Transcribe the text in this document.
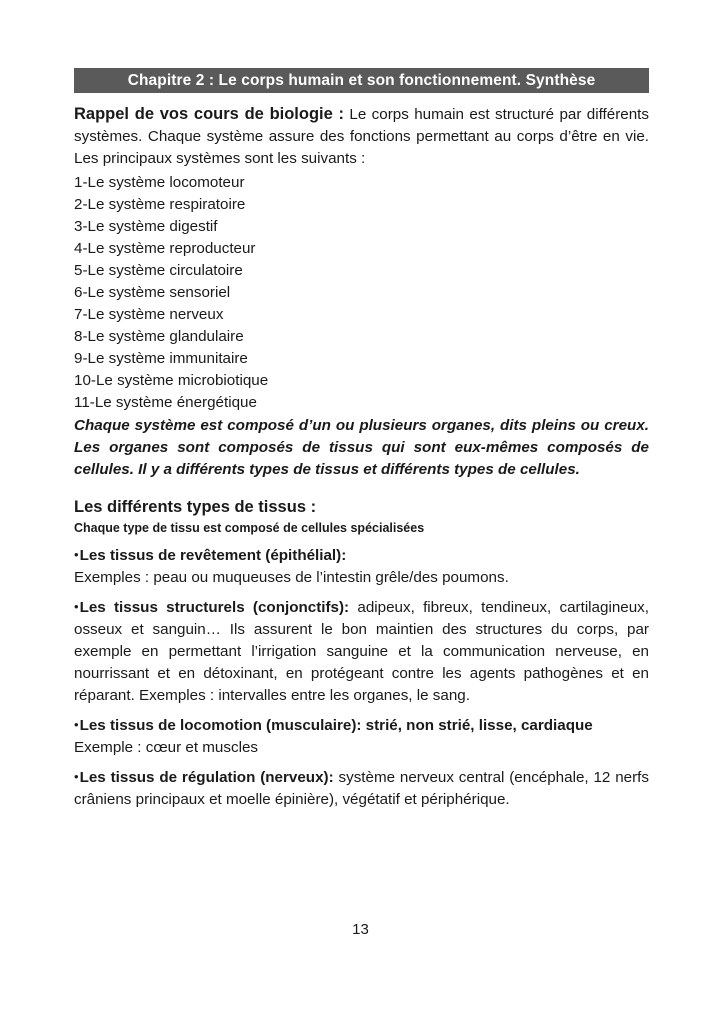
Chapitre 2 : Le corps humain et son fonctionnement. Synthèse

Rappel de vos cours de biologie : Le corps humain est structuré par différents systèmes. Chaque système assure des fonctions permettant au corps d’être en vie. Les principaux systèmes sont les suivants :

1-Le système locomoteur

2-Le système respiratoire

3-Le système digestif

4-Le système reproducteur

5-Le système circulatoire

6-Le système sensoriel

7-Le système nerveux

8-Le système glandulaire

9-Le système immunitaire

10-Le système microbiotique

11-Le système énergétique

Chaque système est composé d’un ou plusieurs organes, dits pleins ou creux. Les organes sont composés de tissus qui sont eux-mêmes composés de cellules. Il y a différents types de tissus et différents types de cellules.

Les différents types de tissus :
Chaque type de tissu est composé de cellules spécialisées

•Les tissus de revêtement (épithélial):

Exemples : peau ou muqueuses de l’intestin grêle/des poumons.

•Les tissus structurels (conjonctifs): adipeux, fibreux, tendineux, cartilagineux, osseux et sanguin… Ils assurent le bon maintien des structures du corps, par exemple en permettant l’irrigation sanguine et la communication nerveuse, en nourrissant et en détoxinant, en protégeant contre les agents pathogènes et en réparant. Exemples : intervalles entre les organes, le sang.

•Les tissus de locomotion (musculaire): strié, non strié, lisse, cardiaque

Exemple : cœur et muscles

•Les tissus de régulation (nerveux): système nerveux central (encéphale, 12 nerfs crâniens principaux et moelle épinière), végétatif et périphérique.

13
